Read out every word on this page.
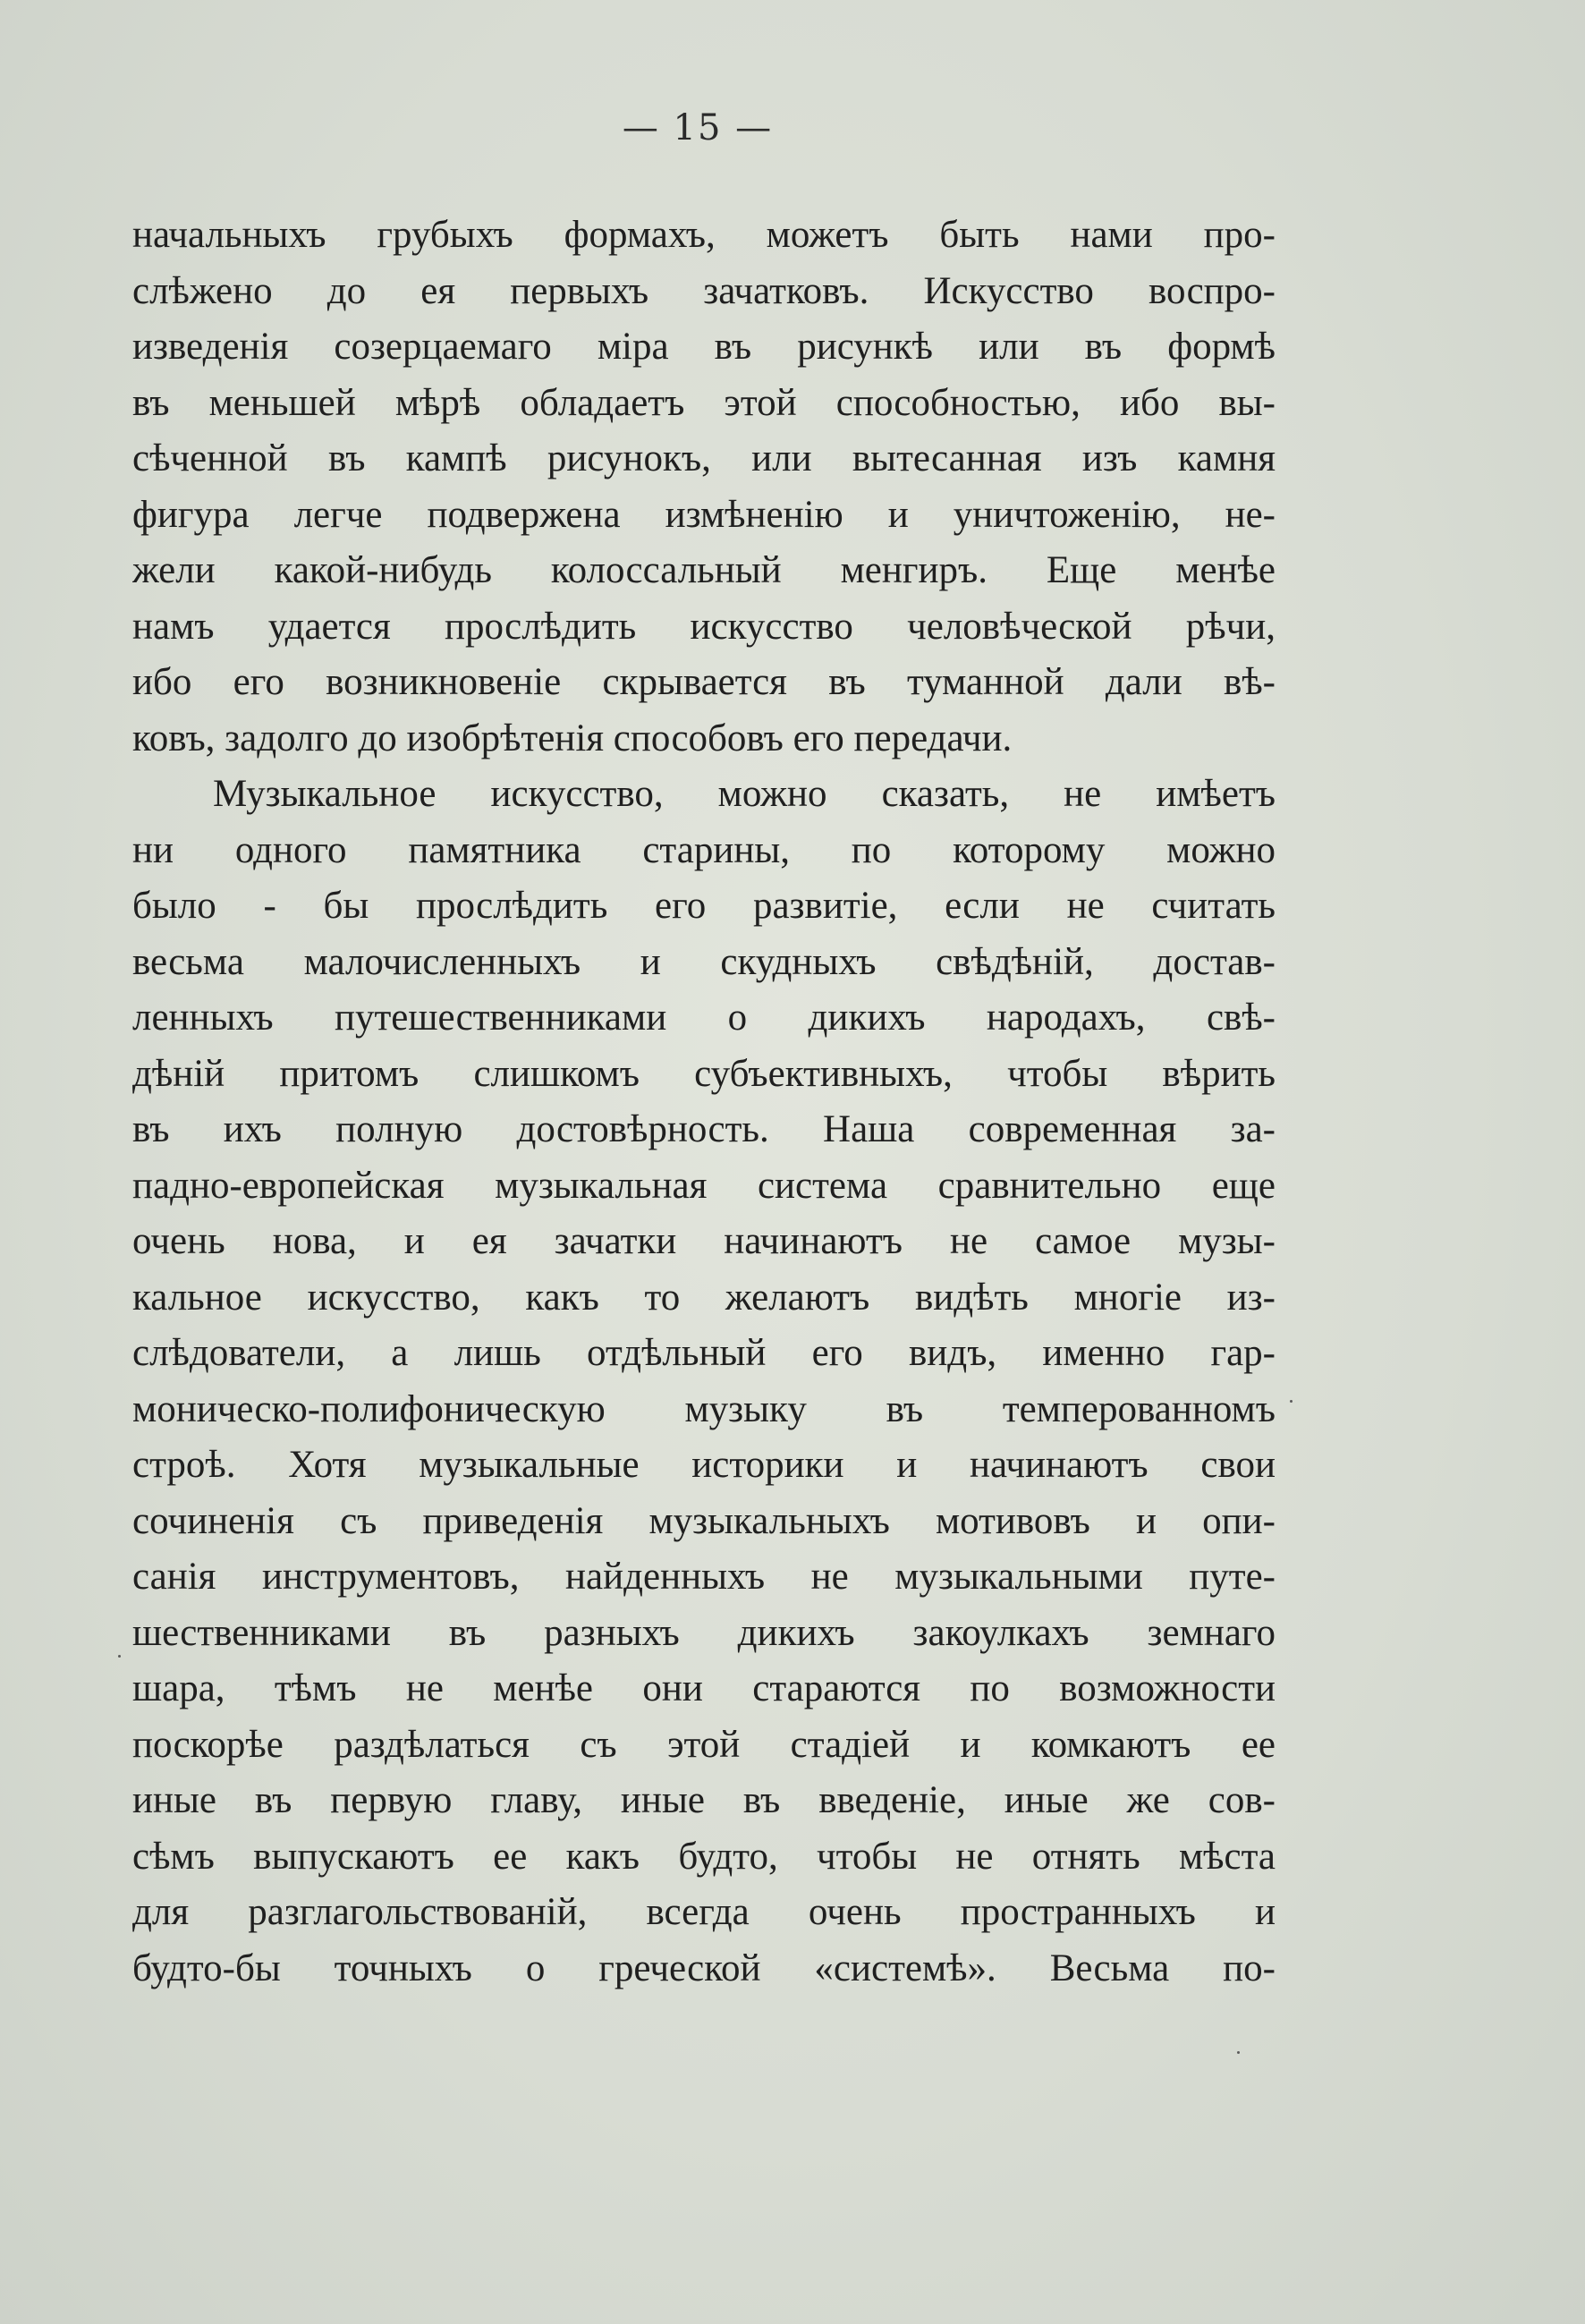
— 15 —
начальныхъ грубыхъ формахъ, можетъ быть нами про-
слѣжено до ея первыхъ зачатковъ. Искусство воспро-
изведенія созерцаемаго міра въ рисункѣ или въ формѣ
въ меньшей мѣрѣ обладаетъ этой способностью, ибо вы-
сѣченной въ кампѣ рисунокъ, или вытесанная изъ камня
фигура легче подвержена измѣненію и уничтоженію, не-
жели какой-нибудь колоссальный менгиръ. Еще менѣе
намъ удается прослѣдить искусство человѣческой рѣчи,
ибо его возникновеніе скрывается въ туманной дали вѣ-
ковъ, задолго до изобрѣтенія способовъ его передачи.
Музыкальное искусство, можно сказать, не имѣетъ
ни одного памятника старины, по которому можно
было - бы прослѣдить его развитіе, если не считать
весьма малочисленныхъ и скудныхъ свѣдѣній, достав-
ленныхъ путешественниками о дикихъ народахъ, свѣ-
дѣній притомъ слишкомъ субъективныхъ, чтобы вѣрить
въ ихъ полную достовѣрность. Наша современная за-
падно-европейская музыкальная система сравнительно еще
очень нова, и ея зачатки начинаютъ не самое музы-
кальное искусство, какъ то желаютъ видѣть многіе из-
слѣдователи, а лишь отдѣльный его видъ, именно гар-
моническо-полифоническую музыку въ темперованномъ
строѣ. Хотя музыкальные историки и начинаютъ свои
сочиненія съ приведенія музыкальныхъ мотивовъ и опи-
санія инструментовъ, найденныхъ не музыкальными путе-
шественниками въ разныхъ дикихъ закоулкахъ земнаго
шара, тѣмъ не менѣе они стараются по возможности
поскорѣе раздѣлаться съ этой стадіей и комкаютъ ее
иные въ первую главу, иные въ введеніе, иные же сов-
сѣмъ выпускаютъ ее какъ будто, чтобы не отнять мѣста
для разглагольствованій, всегда очень пространныхъ и
будто-бы точныхъ о греческой «системѣ». Весьма по-
